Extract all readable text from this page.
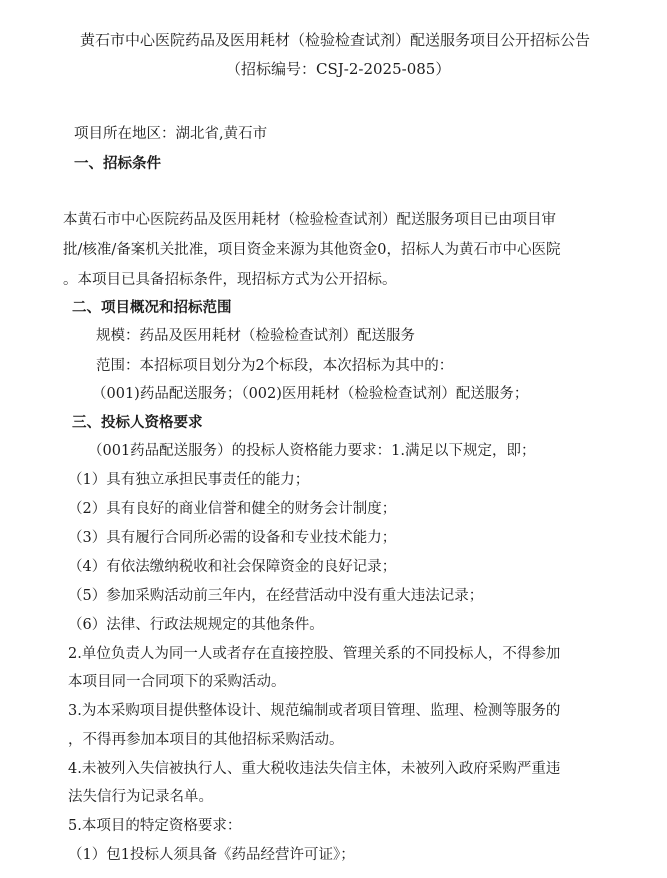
黄石市中心医院药品及医用耗材（检验检查试剂）配送服务项目公开招标公告
（招标编号：CSJ-2-2025-085）
项目所在地区：湖北省,黄石市
一、招标条件
本黄石市中心医院药品及医用耗材（检验检查试剂）配送服务项目已由项目审
批/核准/备案机关批准，项目资金来源为其他资金0，招标人为黄石市中心医院
。本项目已具备招标条件，现招标方式为公开招标。
二、项目概况和招标范围
规模：药品及医用耗材（检验检查试剂）配送服务
范围：本招标项目划分为2个标段，本次招标为其中的：
（001)药品配送服务；（002)医用耗材（检验检查试剂）配送服务；
三、投标人资格要求
（001药品配送服务）的投标人资格能力要求：1.满足以下规定，即；
（1）具有独立承担民事责任的能力；
（2）具有良好的商业信誉和健全的财务会计制度；
（3）具有履行合同所必需的设备和专业技术能力；
（4）有依法缴纳税收和社会保障资金的良好记录；
（5）参加采购活动前三年内，在经营活动中没有重大违法记录；
（6）法律、行政法规规定的其他条件。
2.单位负责人为同一人或者存在直接控股、管理关系的不同投标人，不得参加
本项目同一合同项下的采购活动。
3.为本采购项目提供整体设计、规范编制或者项目管理、监理、检测等服务的
，不得再参加本项目的其他招标采购活动。
4.未被列入失信被执行人、重大税收违法失信主体，未被列入政府采购严重违
法失信行为记录名单。
5.本项目的特定资格要求：
（1）包1投标人须具备《药品经营许可证》；
